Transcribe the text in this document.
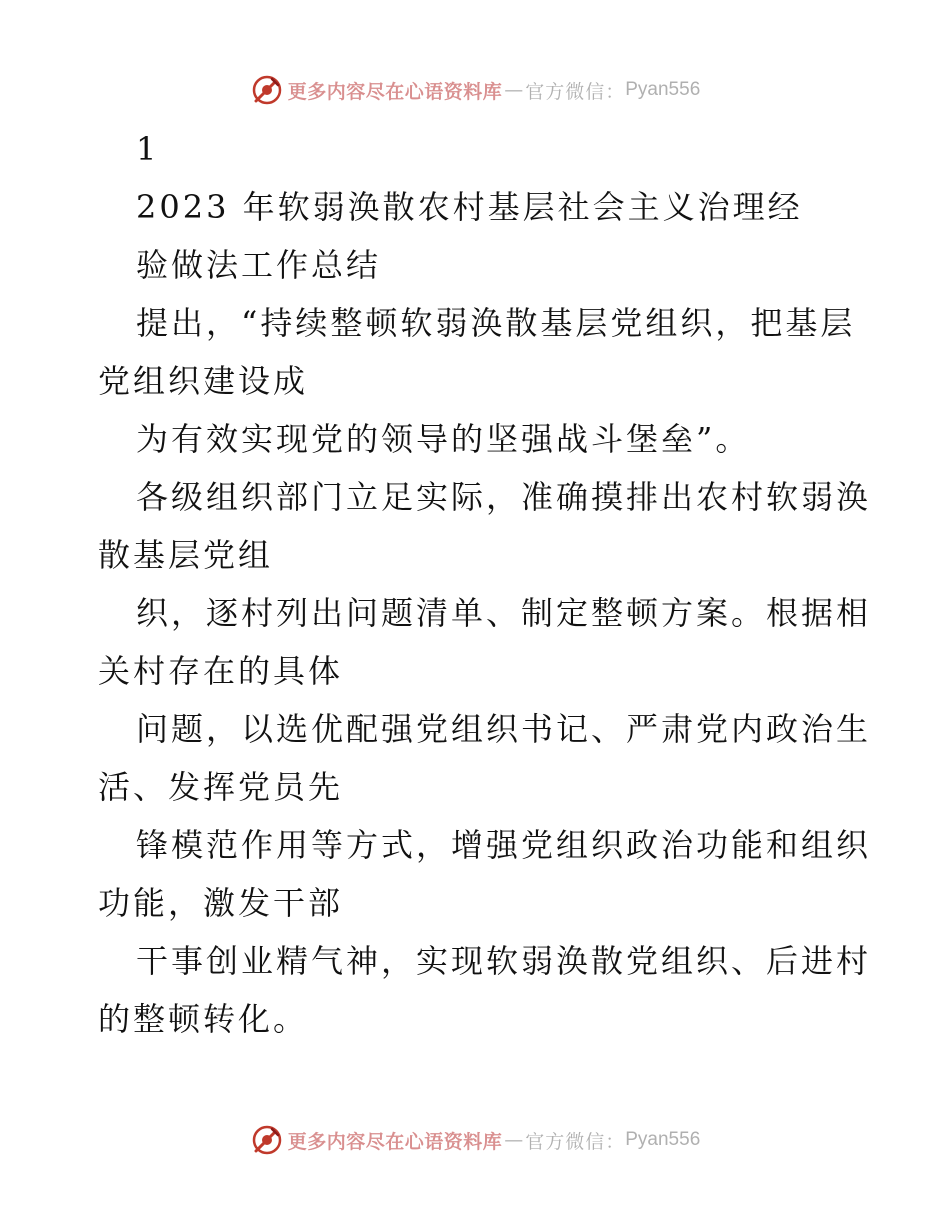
更多内容尽在心语资料库 — 官方微信： Pyan556
1
2023 年软弱涣散农村基层社会主义治理经
验做法工作总结
提出，“持续整顿软弱涣散基层党组织，把基层
党组织建设成
为有效实现党的领导的坚强战斗堡垒”。
各级组织部门立足实际，准确摸排出农村软弱涣
散基层党组
织，逐村列出问题清单、制定整顿方案。根据相
关村存在的具体
问题，以选优配强党组织书记、严肃党内政治生
活、发挥党员先
锋模范作用等方式，增强党组织政治功能和组织
功能，激发干部
干事创业精气神，实现软弱涣散党组织、后进村
的整顿转化。
更多内容尽在心语资料库 — 官方微信： Pyan556
